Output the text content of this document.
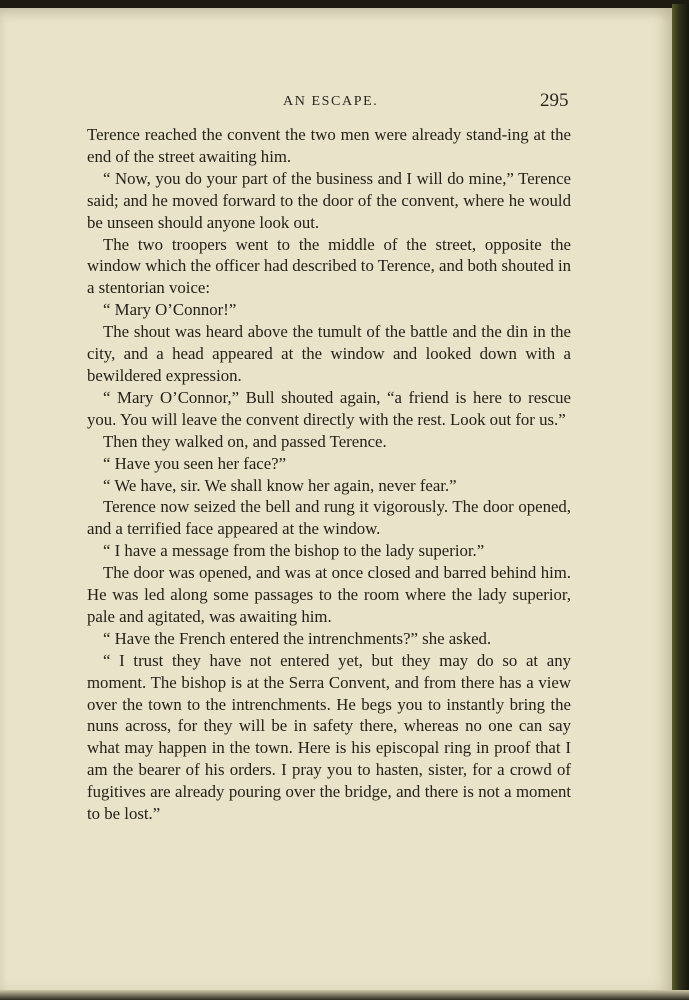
AN ESCAPE.	295

Terence reached the convent the two men were already stand-ing at the end of the street awaiting him.

“ Now, you do your part of the business and I will do mine,” Terence said; and he moved forward to the door of the convent, where he would be unseen should anyone look out.

The two troopers went to the middle of the street, opposite the window which the officer had described to Terence, and both shouted in a stentorian voice:

“ Mary O’Connor!”

The shout was heard above the tumult of the battle and the din in the city, and a head appeared at the window and looked down with a bewildered expression.

“ Mary O’Connor,” Bull shouted again, “a friend is here to rescue you. You will leave the convent directly with the rest. Look out for us.”

Then they walked on, and passed Terence.

“ Have you seen her face?”

“ We have, sir. We shall know her again, never fear.”

Terence now seized the bell and rung it vigorously. The door opened, and a terrified face appeared at the window.

“ I have a message from the bishop to the lady superior.”

The door was opened, and was at once closed and barred behind him. He was led along some passages to the room where the lady superior, pale and agitated, was awaiting him.

“ Have the French entered the intrenchments?” she asked.

“ I trust they have not entered yet, but they may do so at any moment. The bishop is at the Serra Convent, and from there has a view over the town to the intrenchments. He begs you to instantly bring the nuns across, for they will be in safety there, whereas no one can say what may happen in the town. Here is his episcopal ring in proof that I am the bearer of his orders. I pray you to hasten, sister, for a crowd of fugitives are already pouring over the bridge, and there is not a moment to be lost.”
